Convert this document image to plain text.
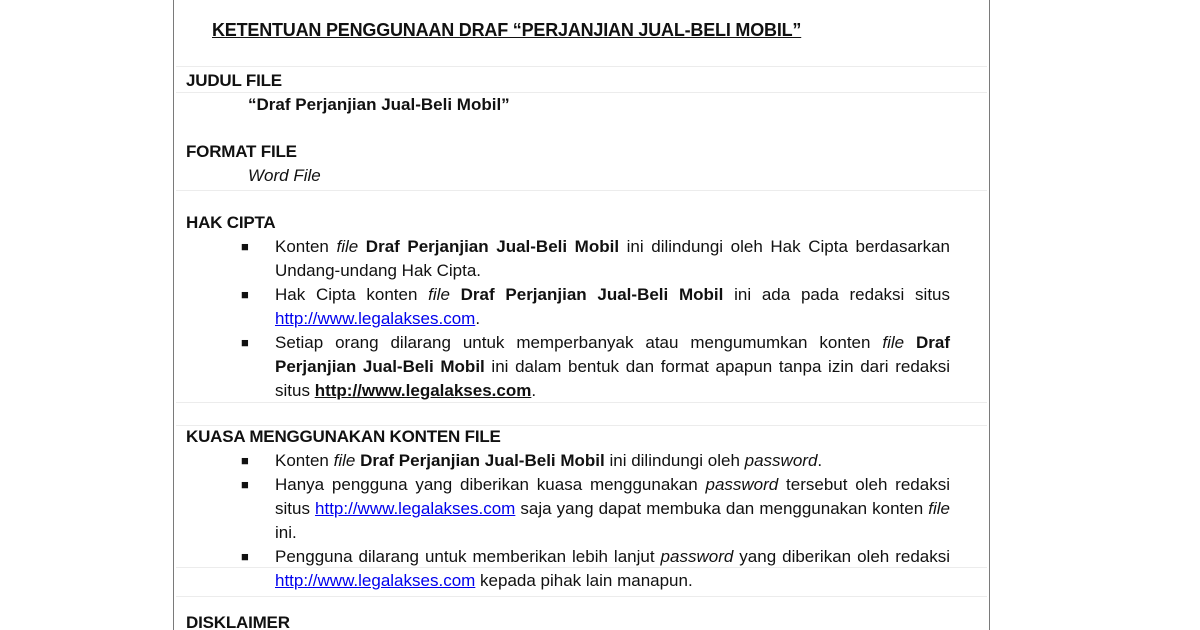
KETENTUAN PENGGUNAAN DRAF “PERJANJIAN JUAL-BELI MOBIL”
JUDUL FILE
“Draf Perjanjian Jual-Beli Mobil”
FORMAT FILE
Word File
HAK CIPTA
■ Konten file Draf Perjanjian Jual-Beli Mobil ini dilindungi oleh Hak Cipta berdasarkan Undang-undang Hak Cipta.
■ Hak Cipta konten file Draf Perjanjian Jual-Beli Mobil ini ada pada redaksi situs http://www.legalakses.com.
■ Setiap orang dilarang untuk memperbanyak atau mengumumkan konten file Draf Perjanjian Jual-Beli Mobil ini dalam bentuk dan format apapun tanpa izin dari redaksi situs http://www.legalakses.com.
KUASA MENGGUNAKAN KONTEN FILE
■ Konten file Draf Perjanjian Jual-Beli Mobil ini dilindungi oleh password.
■ Hanya pengguna yang diberikan kuasa menggunakan password tersebut oleh redaksi situs http://www.legalakses.com saja yang dapat membuka dan menggunakan konten file ini.
■ Pengguna dilarang untuk memberikan lebih lanjut password yang diberikan oleh redaksi http://www.legalakses.com kepada pihak lain manapun.
DISKLAIMER
